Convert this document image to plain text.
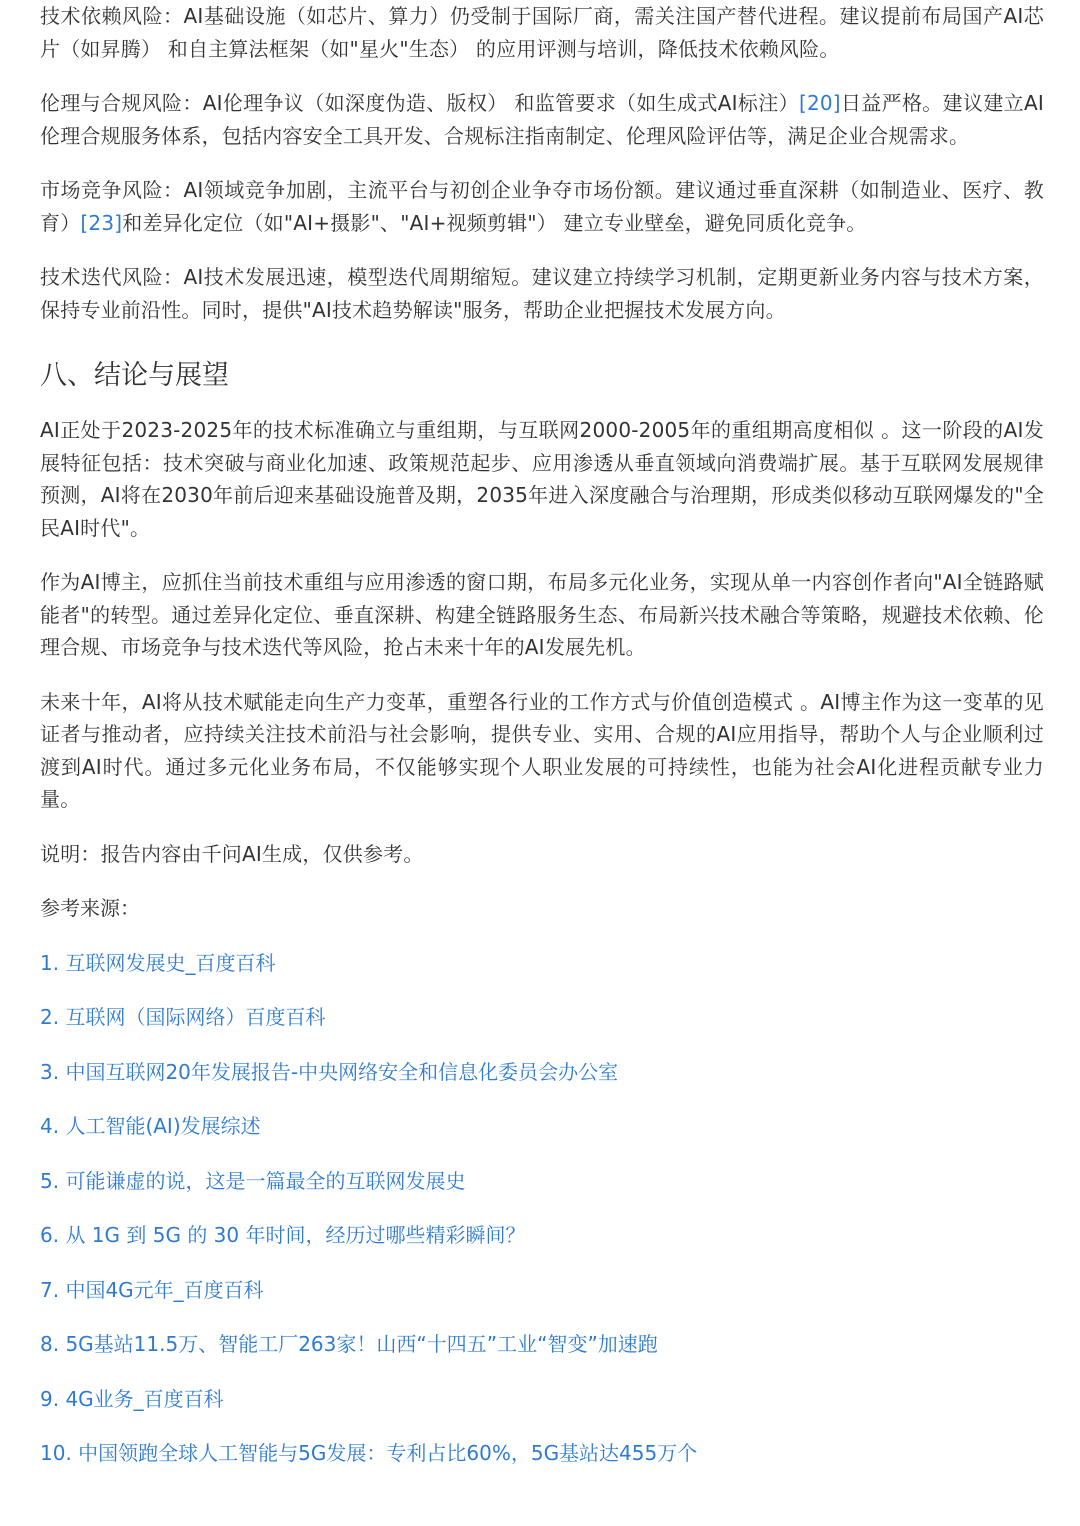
技术依赖风险：AI基础设施（如芯片、算力）仍受制于国际厂商，需关注国产替代进程。建议提前布局国产AI芯片（如昇腾） 和自主算法框架（如"星火"生态） 的应用评测与培训，降低技术依赖风险。

伦理与合规风险：AI伦理争议（如深度伪造、版权） 和监管要求（如生成式AI标注）[20]日益严格。建议建立AI伦理合规服务体系，包括内容安全工具开发、合规标注指南制定、伦理风险评估等，满足企业合规需求。

市场竞争风险：AI领域竞争加剧，主流平台与初创企业争夺市场份额。建议通过垂直深耕（如制造业、医疗、教育）[23]和差异化定位（如"AI+摄影"、"AI+视频剪辑"） 建立专业壁垒，避免同质化竞争。

技术迭代风险：AI技术发展迅速，模型迭代周期缩短。建议建立持续学习机制，定期更新业务内容与技术方案，保持专业前沿性。同时，提供"AI技术趋势解读"服务，帮助企业把握技术发展方向。

八、结论与展望

AI正处于2023-2025年的技术标准确立与重组期，与互联网2000-2005年的重组期高度相似 。这一阶段的AI发展特征包括：技术突破与商业化加速、政策规范起步、应用渗透从垂直领域向消费端扩展。基于互联网发展规律预测，AI将在2030年前后迎来基础设施普及期，2035年进入深度融合与治理期，形成类似移动互联网爆发的"全民AI时代"。

作为AI博主，应抓住当前技术重组与应用渗透的窗口期，布局多元化业务，实现从单一内容创作者向"AI全链路赋能者"的转型。通过差异化定位、垂直深耕、构建全链路服务生态、布局新兴技术融合等策略，规避技术依赖、伦理合规、市场竞争与技术迭代等风险，抢占未来十年的AI发展先机。

未来十年，AI将从技术赋能走向生产力变革，重塑各行业的工作方式与价值创造模式 。AI博主作为这一变革的见证者与推动者，应持续关注技术前沿与社会影响，提供专业、实用、合规的AI应用指导，帮助个人与企业顺利过渡到AI时代。通过多元化业务布局，不仅能够实现个人职业发展的可持续性，也能为社会AI化进程贡献专业力量。

说明：报告内容由千问AI生成，仅供参考。

参考来源：

1. 互联网发展史_百度百科
2. 互联网（国际网络）百度百科
3. 中国互联网20年发展报告-中央网络安全和信息化委员会办公室
4. 人工智能(AI)发展综述
5. 可能谦虚的说，这是一篇最全的互联网发展史
6. 从 1G 到 5G 的 30 年时间，经历过哪些精彩瞬间？
7. 中国4G元年_百度百科
8. 5G基站11.5万、智能工厂263家！山西“十四五”工业“智变”加速跑
9. 4G业务_百度百科
10. 中国领跑全球人工智能与5G发展：专利占比60%，5G基站达455万个
